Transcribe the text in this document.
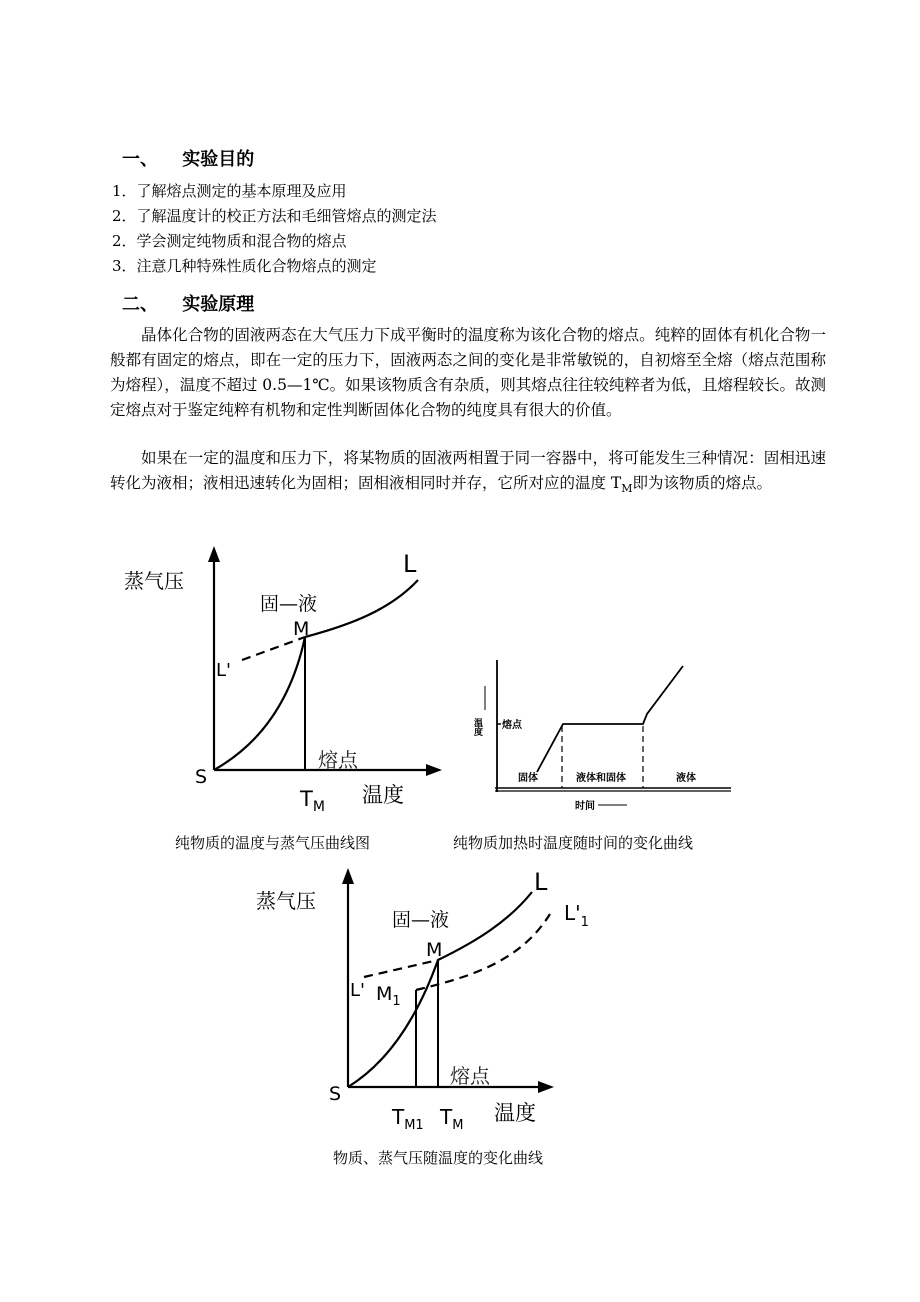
一、 实验目的
1．了解熔点测定的基本原理及应用
2．了解温度计的校正方法和毛细管熔点的测定法
2．学会测定纯物质和混合物的熔点
3．注意几种特殊性质化合物熔点的测定
二、 实验原理
晶体化合物的固液两态在大气压力下成平衡时的温度称为该化合物的熔点。纯粹的固体有机化合物一般都有固定的熔点，即在一定的压力下，固液两态之间的变化是非常敏锐的，自初熔至全熔（熔点范围称为熔程），温度不超过 0.5—1℃。如果该物质含有杂质，则其熔点往往较纯粹者为低，且熔程较长。故测定熔点对于鉴定纯粹有机物和定性判断固体化合物的纯度具有很大的价值。
如果在一定的温度和压力下，将某物质的固液两相置于同一容器中，将可能发生三种情况：固相迅速转化为液相；液相迅速转化为固相；固相液相同时并存，它所对应的温度 $T_M$即为该物质的熔点。
蒸气压
固—液
L
M
L'
S
熔点
$T_M$ 温度
温度 熔点
固体	液体和固体	液体
时间
纯物质的温度与蒸气压曲线图	纯物质加热时温度随时间的变化曲线
蒸气压
固—液
L
$L'_1$
M
L' $M_1$
S
熔点
$T_{M1}$ $T_M$
温度
物质、蒸气压随温度的变化曲线
